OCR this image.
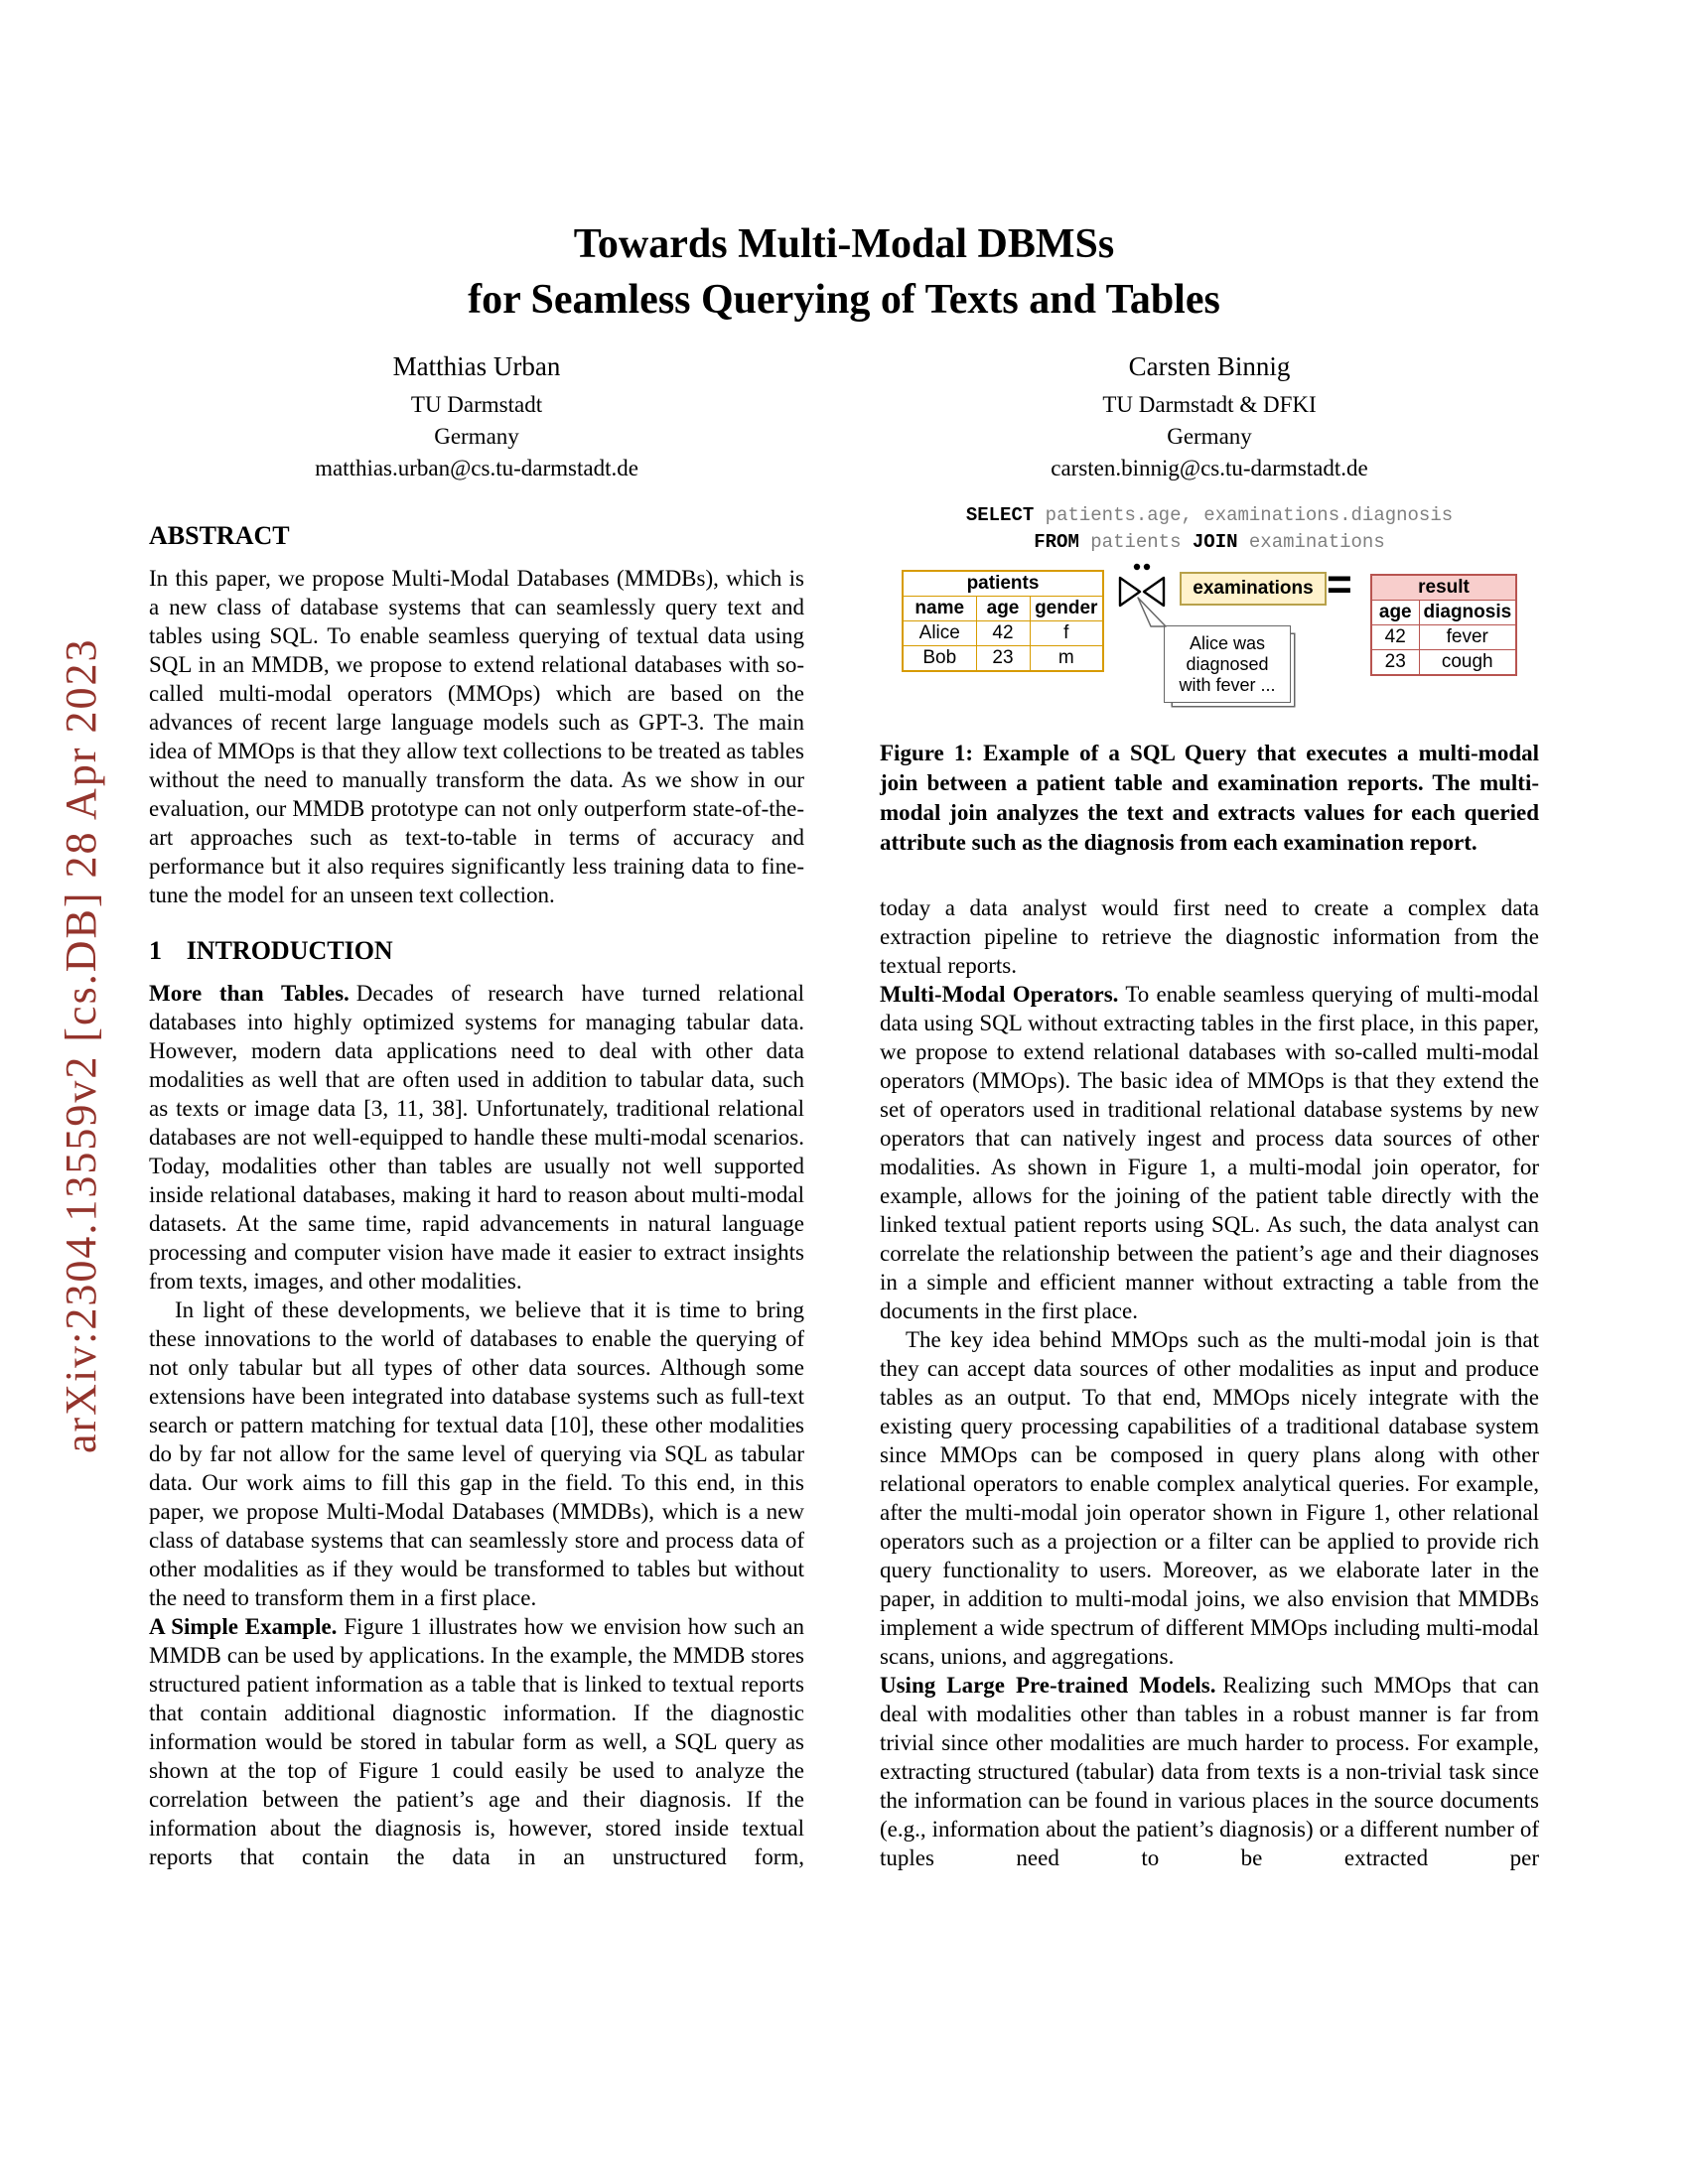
arXiv:2304.13559v2 [cs.DB] 28 Apr 2023
Towards Multi-Modal DBMSs
for Seamless Querying of Texts and Tables
Matthias Urban
TU Darmstadt
Germany
matthias.urban@cs.tu-darmstadt.de
Carsten Binnig
TU Darmstadt & DFKI
Germany
carsten.binnig@cs.tu-darmstadt.de
ABSTRACT

In this paper, we propose Multi-Modal Databases (MMDBs), which is a new class of database systems that can seamlessly query text and tables using SQL. To enable seamless querying of textual data using SQL in an MMDB, we propose to extend relational databases with so-called multi-modal operators (MMOps) which are based on the advances of recent large language models such as GPT-3. The main idea of MMOps is that they allow text collections to be treated as tables without the need to manually transform the data. As we show in our evaluation, our MMDB prototype can not only outperform state-of-the-art approaches such as text-to-table in terms of accuracy and performance but it also requires significantly less training data to fine-tune the model for an unseen text collection.

1 INTRODUCTION

More than Tables. Decades of research have turned relational databases into highly optimized systems for managing tabular data. However, modern data applications need to deal with other data modalities as well that are often used in addition to tabular data, such as texts or image data [3, 11, 38]. Unfortunately, traditional relational databases are not well-equipped to handle these multi-modal scenarios. Today, modalities other than tables are usually not well supported inside relational databases, making it hard to reason about multi-modal datasets. At the same time, rapid advancements in natural language processing and computer vision have made it easier to extract insights from texts, images, and other modalities.

In light of these developments, we believe that it is time to bring these innovations to the world of databases to enable the querying of not only tabular but all types of other data sources. Although some extensions have been integrated into database systems such as full-text search or pattern matching for textual data [10], these other modalities do by far not allow for the same level of querying via SQL as tabular data. Our work aims to fill this gap in the field. To this end, in this paper, we propose Multi-Modal Databases (MMDBs), which is a new class of database systems that can seamlessly store and process data of other modalities as if they would be transformed to tables but without the need to transform them in a first place.

A Simple Example. Figure 1 illustrates how we envision how such an MMDB can be used by applications. In the example, the MMDB stores structured patient information as a table that is linked to textual reports that contain additional diagnostic information. If the diagnostic information would be stored in tabular form as well, a SQL query as shown at the top of Figure 1 could easily be used to analyze the correlation between the patient’s age and their diagnosis. If the information about the diagnosis is, however, stored inside textual reports that contain the data in an unstructured form,

SELECT patients.age, examinations.diagnosis
FROM patients JOIN examinations
patients		
name	age	gender
Alice	42	f
Bob	23	m
examinations
Alice was diagnosed with fever ...
=	result	
age	diagnosis
42	fever
23	cough
Figure 1: Example of a SQL Query that executes a multi-modal join between a patient table and examination reports. The multi-modal join analyzes the text and extracts values for each queried attribute such as the diagnosis from each examination report.

today a data analyst would first need to create a complex data extraction pipeline to retrieve the diagnostic information from the textual reports.

Multi-Modal Operators. To enable seamless querying of multi-modal data using SQL without extracting tables in the first place, in this paper, we propose to extend relational databases with so-called multi-modal operators (MMOps). The basic idea of MMOps is that they extend the set of operators used in traditional relational database systems by new operators that can natively ingest and process data sources of other modalities. As shown in Figure 1, a multi-modal join operator, for example, allows for the joining of the patient table directly with the linked textual patient reports using SQL. As such, the data analyst can correlate the relationship between the patient’s age and their diagnoses in a simple and efficient manner without extracting a table from the documents in the first place.

The key idea behind MMOps such as the multi-modal join is that they can accept data sources of other modalities as input and produce tables as an output. To that end, MMOps nicely integrate with the existing query processing capabilities of a traditional database system since MMOps can be composed in query plans along with other relational operators to enable complex analytical queries. For example, after the multi-modal join operator shown in Figure 1, other relational operators such as a projection or a filter can be applied to provide rich query functionality to users. Moreover, as we elaborate later in the paper, in addition to multi-modal joins, we also envision that MMDBs implement a wide spectrum of different MMOps including multi-modal scans, unions, and aggregations.

Using Large Pre-trained Models. Realizing such MMOps that can deal with modalities other than tables in a robust manner is far from trivial since other modalities are much harder to process. For example, extracting structured (tabular) data from texts is a non-trivial task since the information can be found in various places in the source documents (e.g., information about the patient’s diagnosis) or a different number of tuples need to be extracted per
